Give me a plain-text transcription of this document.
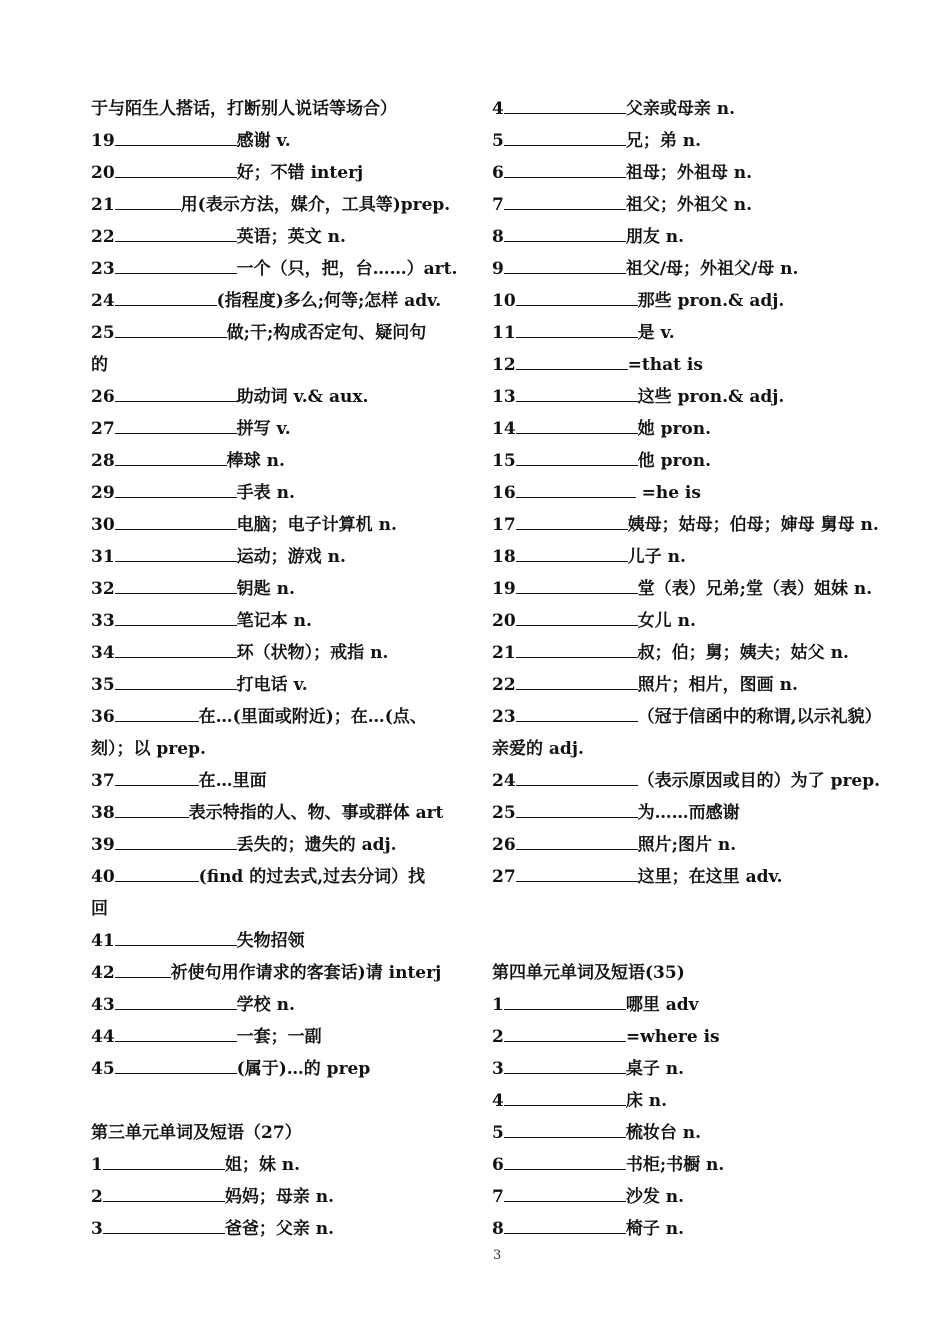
于与陌生人搭话，打断别人说话等场合）
19	感谢 v.
20	好；不错 interj
21	用(表示方法，媒介，工具等)prep.
22	英语；英文 n.
23	一个（只，把，台……）art.
24	(指程度)多么;何等;怎样 adv.
25	做;干;构成否定句、疑问句
的
26	助动词 v.& aux.
27	拼写 v.
28	棒球 n.
29	手表 n.
30	电脑；电子计算机 n.
31	运动；游戏 n.
32	钥匙 n.
33	笔记本 n.
34	环（状物）；戒指 n.
35	打电话 v.
36	在…(里面或附近)；在…(点、
刻）；以 prep.
37	在…里面
38	表示特指的人、物、事或群体 art
39	丢失的；遗失的 adj.
40	(find 的过去式,过去分词）找
回
41	失物招领
42	祈使句用作请求的客套话)请 interj
43	学校 n.
44	一套；一副
45	(属于)…的 prep
第三单元单词及短语（27）
1	姐；妹 n.
2	妈妈；母亲 n.
3	爸爸；父亲 n.
4	父亲或母亲 n.
5	兄；弟 n.
6	祖母；外祖母 n.
7	祖父；外祖父 n.
8	朋友 n.
9	祖父/母；外祖父/母 n.
10	那些 pron.& adj.
11	是 v.
12	=that is
13	这些 pron.& adj.
14	她 pron.
15	他 pron.
16	=he is
17	姨母；姑母；伯母；婶母 舅母 n.
18	儿子 n.
19	堂（表）兄弟;堂（表）姐妹 n.
20	女儿 n.
21	叔；伯；舅；姨夫；姑父 n.
22	照片；相片，图画 n.
23	（冠于信函中的称谓,以示礼貌）
亲爱的 adj.
24	（表示原因或目的）为了 prep.
25	为……而感谢
26	照片;图片 n.
27	这里；在这里 adv.
第四单元单词及短语(35)
1	哪里 adv
2	=where is
3	桌子 n.
4	床 n.
5	梳妆台 n.
6	书柜;书橱 n.
7	沙发 n.
8	椅子 n.
3
